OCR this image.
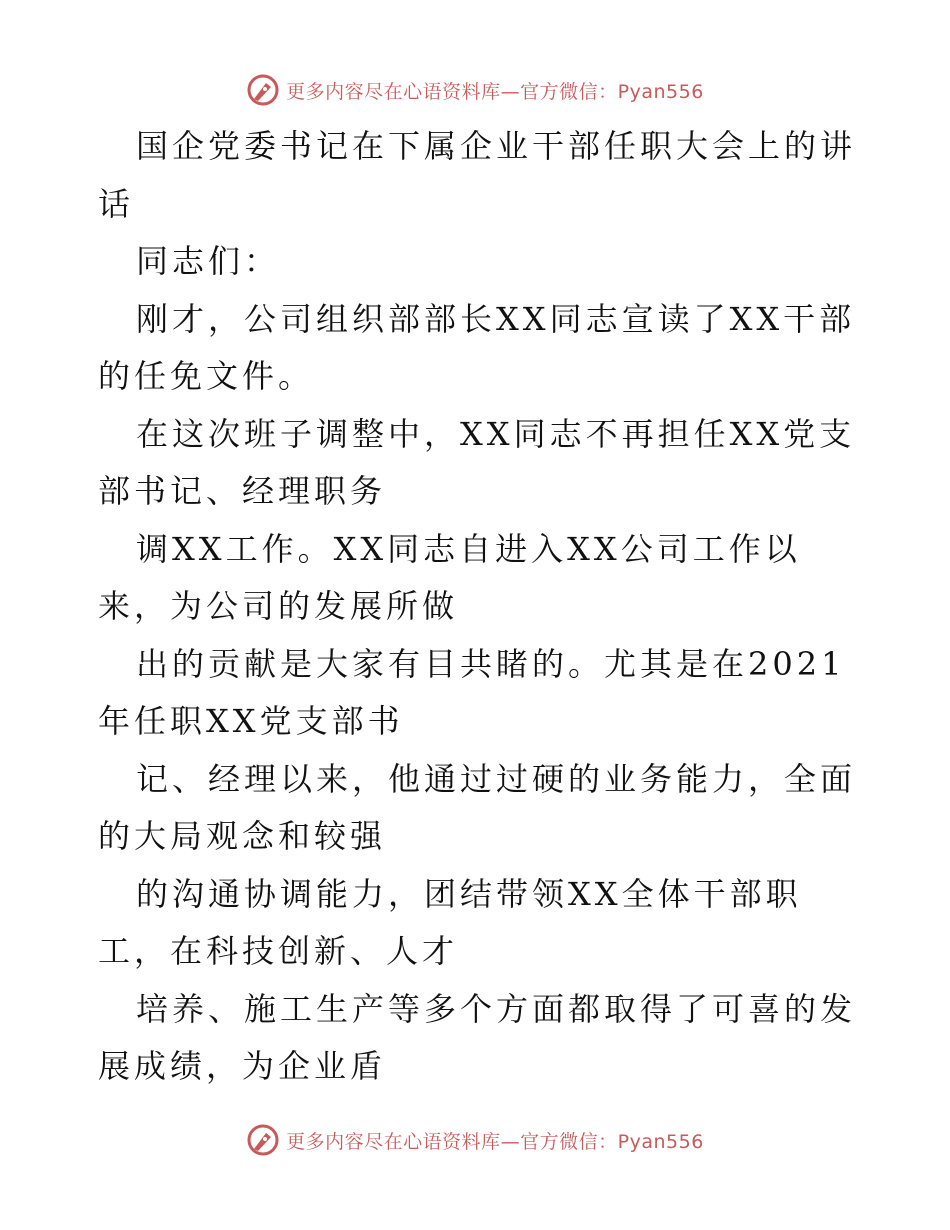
更多内容尽在心语资料库—官方微信：Pyan556

国企党委书记在下属企业干部任职大会上的讲话

同志们：

刚才，公司组织部部长XX同志宣读了XX干部的任免文件。

在这次班子调整中，XX同志不再担任XX党支部书记、经理职务

调XX工作。XX同志自进入XX公司工作以来，为公司的发展所做

出的贡献是大家有目共睹的。尤其是在2021年任职XX党支部书

记、经理以来，他通过过硬的业务能力，全面的大局观念和较强

的沟通协调能力，团结带领XX全体干部职工，在科技创新、人才

培养、施工生产等多个方面都取得了可喜的发展成绩，为企业盾

更多内容尽在心语资料库—官方微信：Pyan556
